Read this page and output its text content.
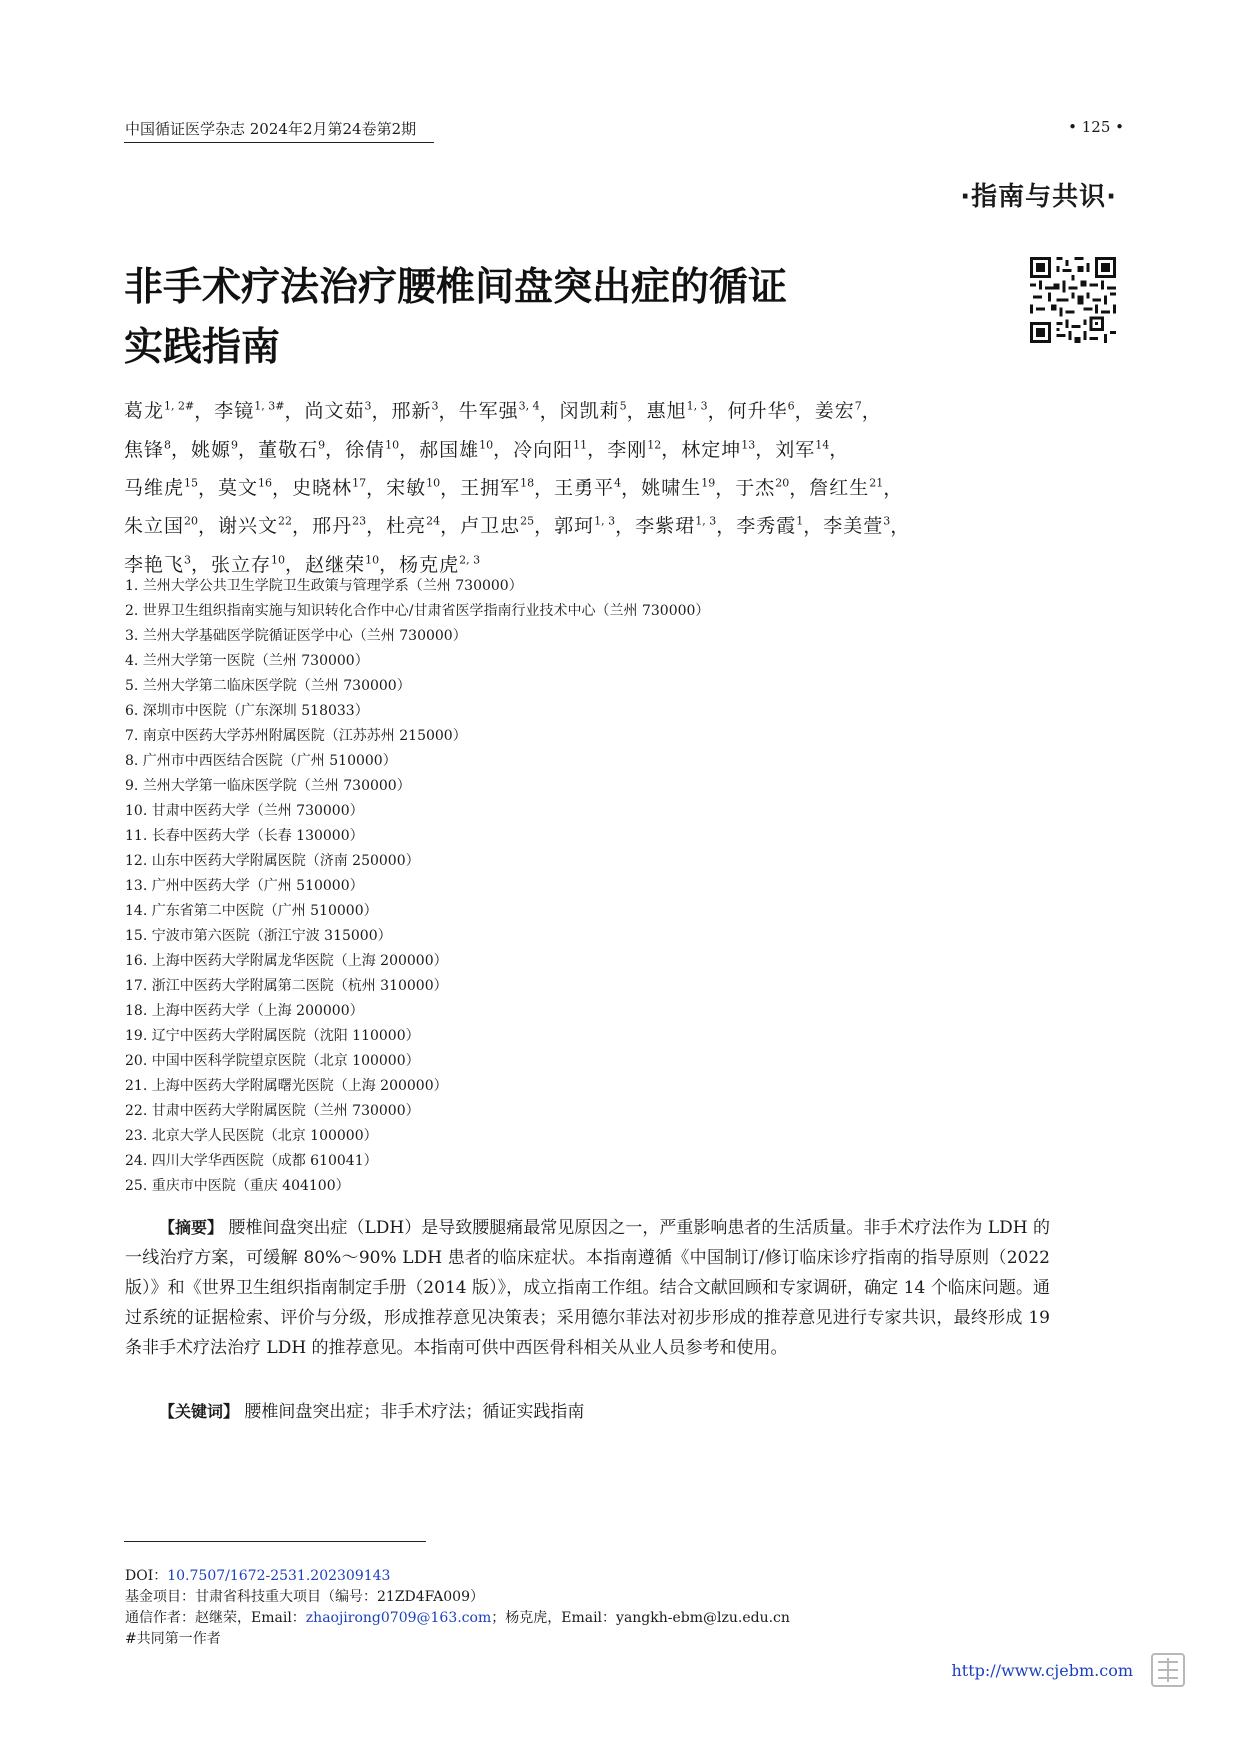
中国循证医学杂志 2024年2月第24卷第2期	• 125 •
·指南与共识·
非手术疗法治疗腰椎间盘突出症的循证
实践指南
葛龙$^{1, 2\#}$，李镜$^{1, 3\#}$，尚文茹$^3$，邢新$^3$，牛军强$^{3, 4}$，闵凯莉$^5$，惠旭$^{1, 3}$，何升华$^6$，姜宏$^7$，
焦锋$^8$，姚嫄$^9$，董敬石$^9$，徐倩$^{10}$，郝国雄$^{10}$，冷向阳$^{11}$，李刚$^{12}$，林定坤$^{13}$，刘军$^{14}$，
马维虎$^{15}$，莫文$^{16}$，史晓林$^{17}$，宋敏$^{10}$，王拥军$^{18}$，王勇平$^4$，姚啸生$^{19}$，于杰$^{20}$，詹红生$^{21}$，
朱立国$^{20}$，谢兴文$^{22}$，邢丹$^{23}$，杜亮$^{24}$，卢卫忠$^{25}$，郭珂$^{1, 3}$，李紫珺$^{1, 3}$，李秀霞$^1$，李美萱$^3$，
李艳飞$^3$，张立存$^{10}$，赵继荣$^{10}$，杨克虎$^{2, 3}$
1. 兰州大学公共卫生学院卫生政策与管理学系（兰州 730000）
2. 世界卫生组织指南实施与知识转化合作中心/甘肃省医学指南行业技术中心（兰州 730000）
3. 兰州大学基础医学院循证医学中心（兰州 730000）
4. 兰州大学第一医院（兰州 730000）
5. 兰州大学第二临床医学院（兰州 730000）
6. 深圳市中医院（广东深圳 518033）
7. 南京中医药大学苏州附属医院（江苏苏州 215000）
8. 广州市中西医结合医院（广州 510000）
9. 兰州大学第一临床医学院（兰州 730000）
10. 甘肃中医药大学（兰州 730000）
11. 长春中医药大学（长春 130000）
12. 山东中医药大学附属医院（济南 250000）
13. 广州中医药大学（广州 510000）
14. 广东省第二中医院（广州 510000）
15. 宁波市第六医院（浙江宁波 315000）
16. 上海中医药大学附属龙华医院（上海 200000）
17. 浙江中医药大学附属第二医院（杭州 310000）
18. 上海中医药大学（上海 200000）
19. 辽宁中医药大学附属医院（沈阳 110000）
20. 中国中医科学院望京医院（北京 100000）
21. 上海中医药大学附属曙光医院（上海 200000）
22. 甘肃中医药大学附属医院（兰州 730000）
23. 北京大学人民医院（北京 100000）
24. 四川大学华西医院（成都 610041）
25. 重庆市中医院（重庆 404100）
【摘要】 腰椎间盘突出症（LDH）是导致腰腿痛最常见原因之一，严重影响患者的生活质量。非手术疗法作为 LDH 的一线治疗方案，可缓解 80%～90% LDH 患者的临床症状。本指南遵循《中国制订/修订临床诊疗指南的指导原则（2022 版）》和《世界卫生组织指南制定手册（2014 版）》，成立指南工作组。结合文献回顾和专家调研，确定 14 个临床问题。通过系统的证据检索、评价与分级，形成推荐意见决策表；采用德尔菲法对初步形成的推荐意见进行专家共识，最终形成 19 条非手术疗法治疗 LDH 的推荐意见。本指南可供中西医骨科相关从业人员参考和使用。
【关键词】 腰椎间盘突出症；非手术疗法；循证实践指南
DOI：10.7507/1672-2531.202309143
基金项目：甘肃省科技重大项目（编号：21ZD4FA009）
通信作者：赵继荣，Email：zhaojirong0709@163.com；杨克虎，Email：yangkh-ebm@lzu.edu.cn
#共同第一作者
http://www.cjebm.com
